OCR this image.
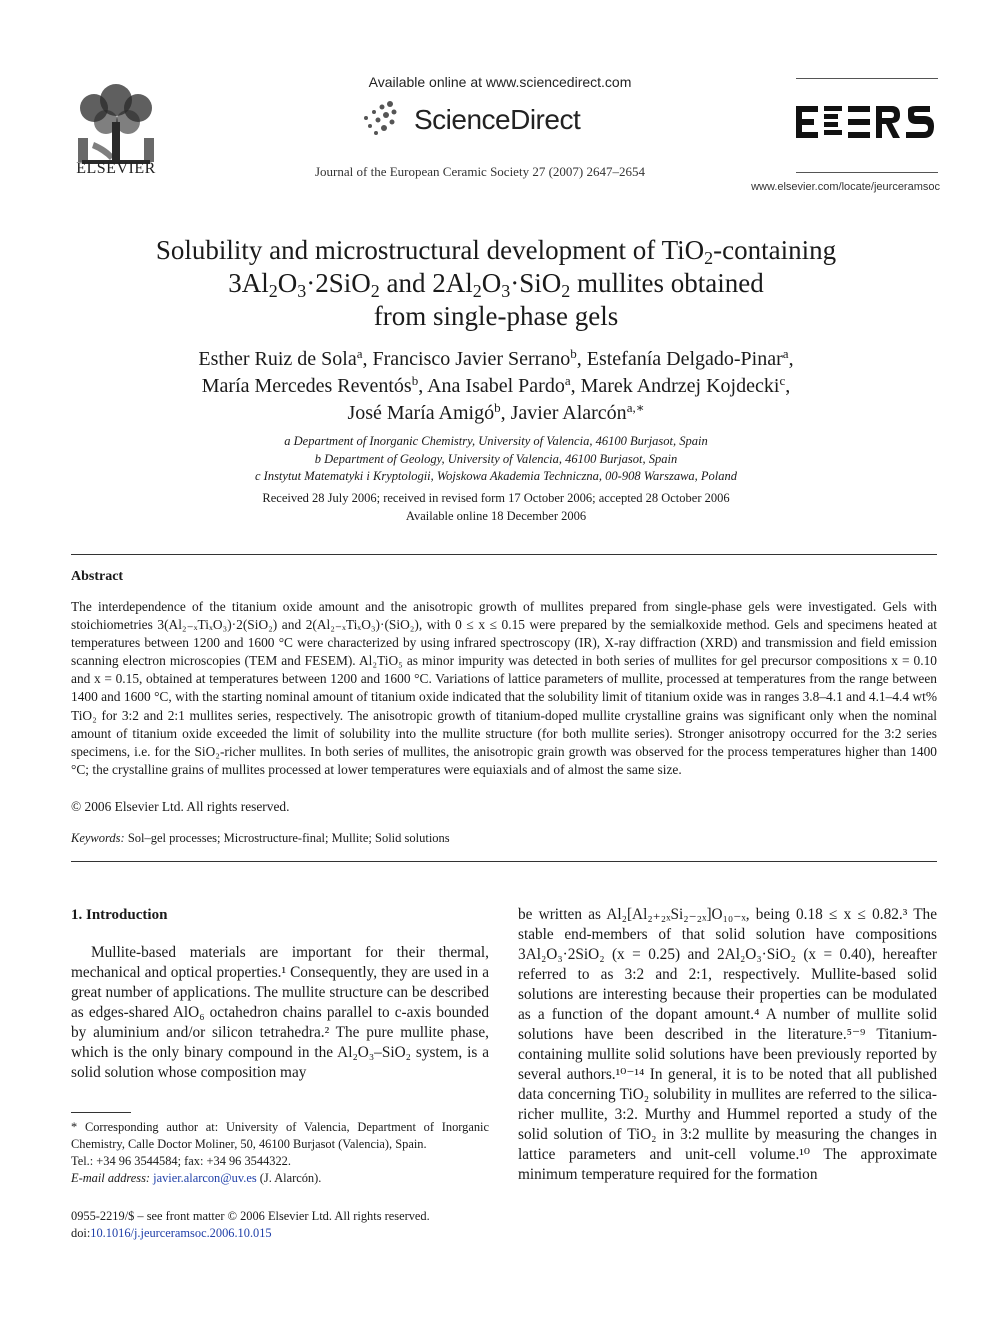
ELSEVIER
Available online at www.sciencedirect.com
ScienceDirect
Journal of the European Ceramic Society 27 (2007) 2647–2654
www.elsevier.com/locate/jeurceramsoc
Solubility and microstructural development of TiO$_2$-containing
$3Al_2O_3\cdot 2SiO_2$ and $2Al_2O_3\cdot SiO_2$ mullites obtained
from single-phase gels
Esther Ruiz de Sola$^a$, Francisco Javier Serrano$^b$, Estefanía Delgado-Pinar$^a$,
María Mercedes Reventós$^b$, Ana Isabel Pardo$^a$, Marek Andrzej Kojdecki$^c$,
José María Amigó$^b$, Javier Alarcón$^{a,∗}$
a Department of Inorganic Chemistry, University of Valencia, 46100 Burjasot, Spain
b Department of Geology, University of Valencia, 46100 Burjasot, Spain
c Instytut Matematyki i Kryptologii, Wojskowa Akademia Techniczna, 00-908 Warszawa, Poland
Received 28 July 2006; received in revised form 17 October 2006; accepted 28 October 2006
Available online 18 December 2006
Abstract
The interdependence of the titanium oxide amount and the anisotropic growth of mullites prepared from single-phase gels were investigated. Gels with stoichiometries 3(Al₂₋ₓTiₓO₃)·2(SiO₂) and 2(Al₂₋ₓTiₓO₃)·(SiO₂), with 0 ≤ x ≤ 0.15 were prepared by the semialkoxide method. Gels and specimens heated at temperatures between 1200 and 1600 °C were characterized by using infrared spectroscopy (IR), X-ray diffraction (XRD) and transmission and field emission scanning electron microscopies (TEM and FESEM). Al₂TiO₅ as minor impurity was detected in both series of mullites for gel precursor compositions x = 0.10 and x = 0.15, obtained at temperatures between 1200 and 1600 °C. Variations of lattice parameters of mullite, processed at temperatures from the range between 1400 and 1600 °C, with the starting nominal amount of titanium oxide indicated that the solubility limit of titanium oxide was in ranges 3.8–4.1 and 4.1–4.4 wt% TiO₂ for 3:2 and 2:1 mullites series, respectively. The anisotropic growth of titanium-doped mullite crystalline grains was significant only when the nominal amount of titanium oxide exceeded the limit of solubility into the mullite structure (for both mullite series). Stronger anisotropy occurred for the 3:2 series specimens, i.e. for the SiO₂-richer mullites. In both series of mullites, the anisotropic grain growth was observed for the process temperatures higher than 1400 °C; the crystalline grains of mullites processed at lower temperatures were equiaxials and of almost the same size.
© 2006 Elsevier Ltd. All rights reserved.
Keywords: Sol–gel processes; Microstructure-final; Mullite; Solid solutions
1. Introduction

Mullite-based materials are important for their thermal, mechanical and optical properties.¹ Consequently, they are used in a great number of applications. The mullite structure can be described as edges-shared AlO₆ octahedron chains parallel to c-axis bounded by aluminium and/or silicon tetrahedra.² The pure mullite phase, which is the only binary compound in the Al₂O₃–SiO₂ system, is a solid solution whose composition may

be written as Al₂[Al₂₊₂ₓSi₂₋₂ₓ]O₁₀₋ₓ, being 0.18 ≤ x ≤ 0.82.³ The stable end-members of that solid solution have compositions 3Al₂O₃·2SiO₂ (x = 0.25) and 2Al₂O₃·SiO₂ (x = 0.40), hereafter referred to as 3:2 and 2:1, respectively. Mullite-based solid solutions are interesting because their properties can be modulated as a function of the dopant amount.⁴ A number of mullite solid solutions have been described in the literature.⁵⁻⁹ Titanium-containing mullite solid solutions have been previously reported by several authors.¹⁰⁻¹⁴ In general, it is to be noted that all published data concerning TiO₂ solubility in mullites are referred to the silica-richer mullite, 3:2. Murthy and Hummel reported a study of the solid solution of TiO₂ in 3:2 mullite by measuring the changes in lattice parameters and unit-cell volume.¹⁰ The approximate minimum temperature required for the formation

* Corresponding author at: University of Valencia, Department of Inorganic Chemistry, Calle Doctor Moliner, 50, 46100 Burjasot (Valencia), Spain.
Tel.: +34 96 3544584; fax: +34 96 3544322.
E-mail address: javier.alarcon@uv.es (J. Alarcón).
0955-2219/$ – see front matter © 2006 Elsevier Ltd. All rights reserved.
doi:10.1016/j.jeurceramsoc.2006.10.015
